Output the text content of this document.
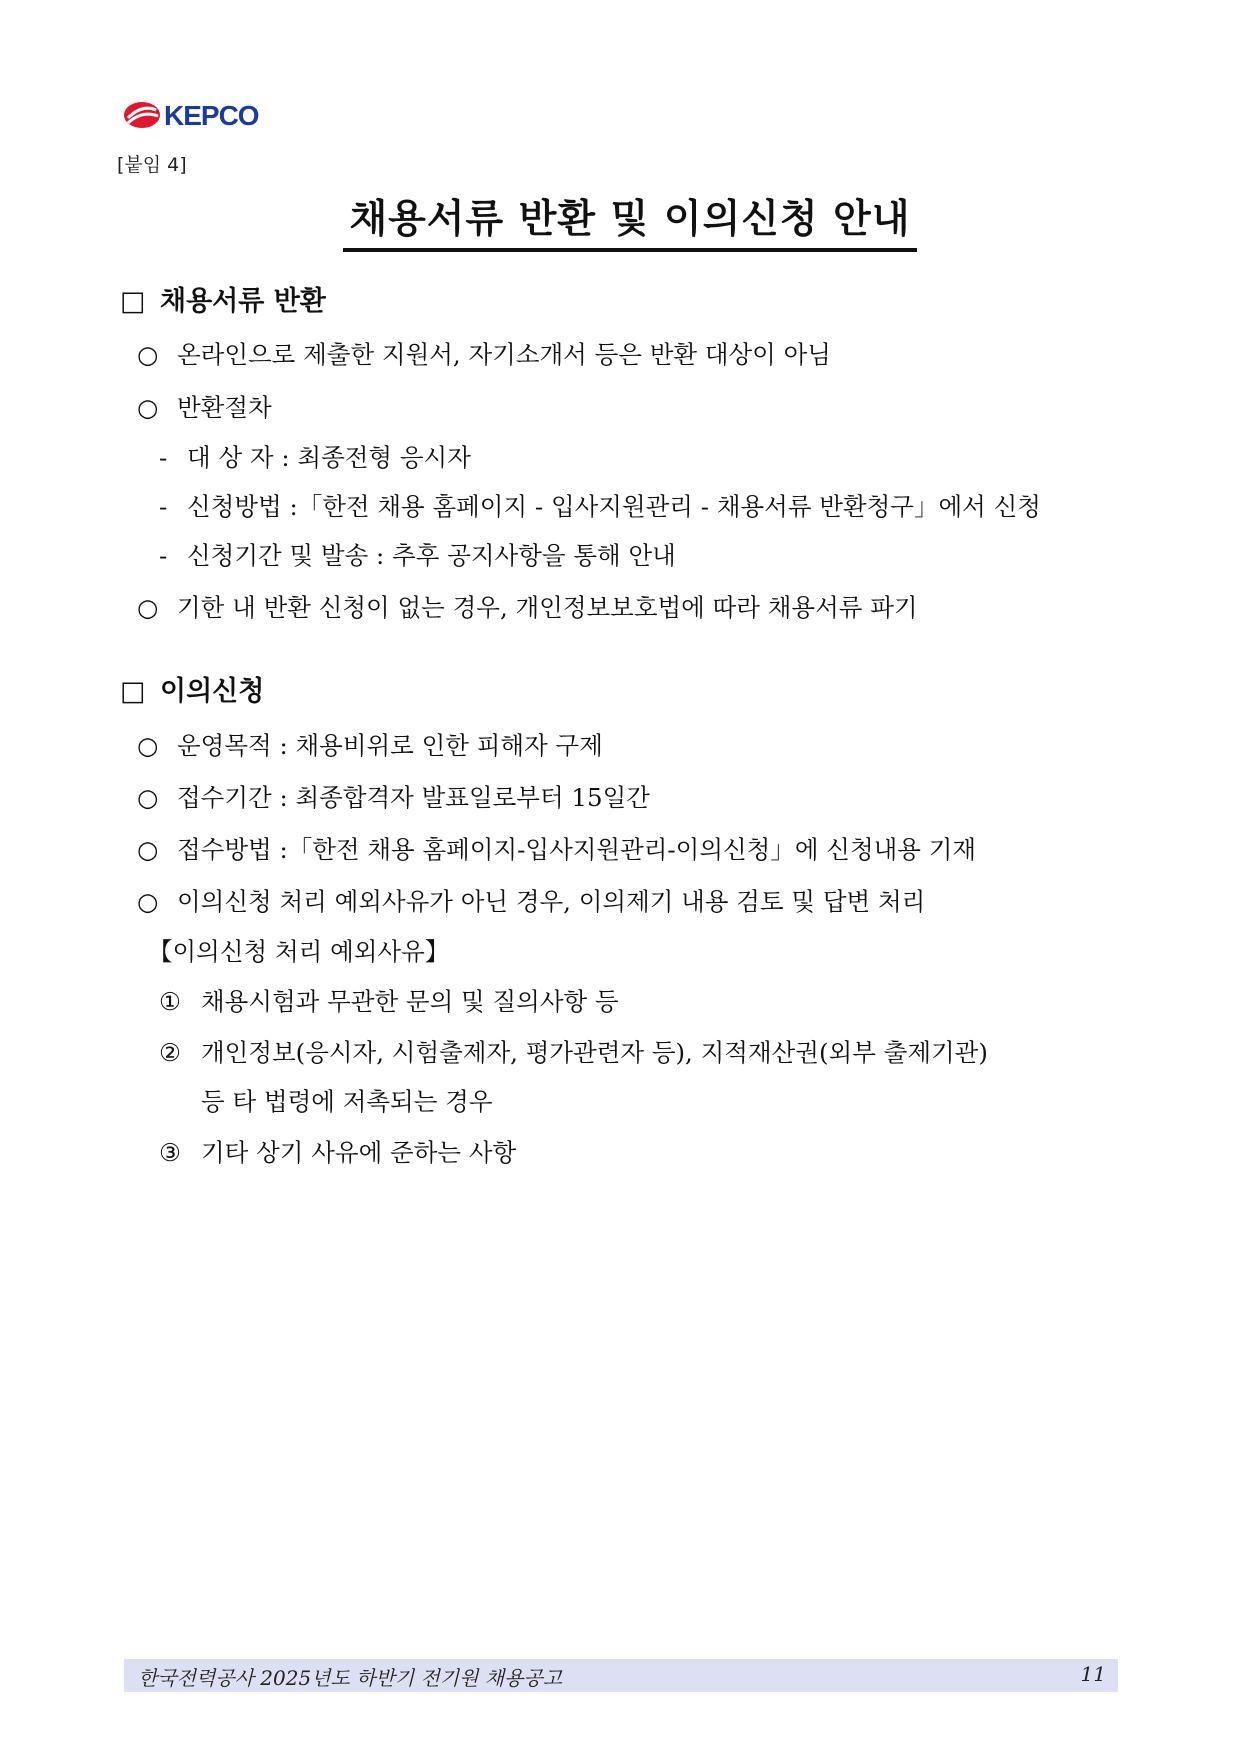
KEPCO
[붙임 4]
채용서류 반환 및 이의신청 안내
□ 채용서류 반환
○ 온라인으로 제출한 지원서, 자기소개서 등은 반환 대상이 아님
○ 반환절차
- 대 상 자 : 최종전형 응시자
- 신청방법 :「한전 채용 홈페이지 - 입사지원관리 - 채용서류 반환청구」에서 신청
- 신청기간 및 발송 : 추후 공지사항을 통해 안내
○ 기한 내 반환 신청이 없는 경우, 개인정보보호법에 따라 채용서류 파기
□ 이의신청
○ 운영목적 : 채용비위로 인한 피해자 구제
○ 접수기간 : 최종합격자 발표일로부터 15일간
○ 접수방법 :「한전 채용 홈페이지-입사지원관리-이의신청」에 신청내용 기재
○ 이의신청 처리 예외사유가 아닌 경우, 이의제기 내용 검토 및 답변 처리
【이의신청 처리 예외사유】
① 채용시험과 무관한 문의 및 질의사항 등
② 개인정보(응시자, 시험출제자, 평가관련자 등), 지적재산권(외부 출제기관)
등 타 법령에 저촉되는 경우
③ 기타 상기 사유에 준하는 사항
한국전력공사 2025년도 하반기 전기원 채용공고	11
